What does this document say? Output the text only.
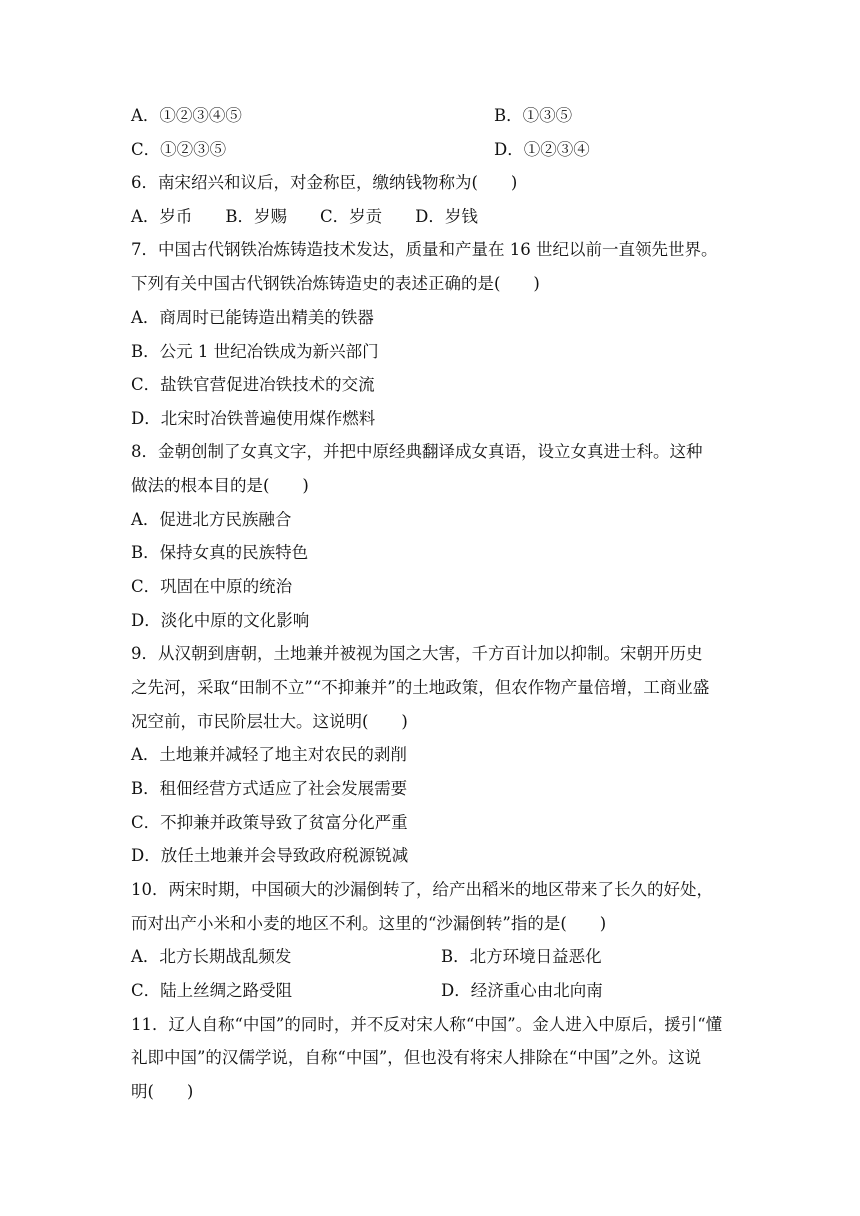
A．①②③④⑤	B．①③⑤
C．①②③⑤	D．①②③④
6．南宋绍兴和议后，对金称臣，缴纳钱物称为(　　)
A．岁币　　B．岁赐　　C．岁贡　　D．岁钱
7．中国古代钢铁冶炼铸造技术发达，质量和产量在 16 世纪以前一直领先世界。
下列有关中国古代钢铁冶炼铸造史的表述正确的是(　　)
A．商周时已能铸造出精美的铁器
B．公元 1 世纪冶铁成为新兴部门
C．盐铁官营促进冶铁技术的交流
D．北宋时冶铁普遍使用煤作燃料
8．金朝创制了女真文字，并把中原经典翻译成女真语，设立女真进士科。这种
做法的根本目的是(　　)
A．促进北方民族融合
B．保持女真的民族特色
C．巩固在中原的统治
D．淡化中原的文化影响
9．从汉朝到唐朝，土地兼并被视为国之大害，千方百计加以抑制。宋朝开历史
之先河，采取“田制不立”“不抑兼并”的土地政策，但农作物产量倍增，工商业盛
况空前，市民阶层壮大。这说明(　　)
A．土地兼并减轻了地主对农民的剥削
B．租佃经营方式适应了社会发展需要
C．不抑兼并政策导致了贫富分化严重
D．放任土地兼并会导致政府税源锐减
10．两宋时期，中国硕大的沙漏倒转了，给产出稻米的地区带来了长久的好处，
而对出产小米和小麦的地区不利。这里的“沙漏倒转”指的是(　　)
A．北方长期战乱频发	B．北方环境日益恶化
C．陆上丝绸之路受阻	D．经济重心由北向南
11．辽人自称“中国”的同时，并不反对宋人称“中国”。金人进入中原后，援引“懂
礼即中国”的汉儒学说，自称“中国”，但也没有将宋人排除在“中国”之外。这说
明(　　)
